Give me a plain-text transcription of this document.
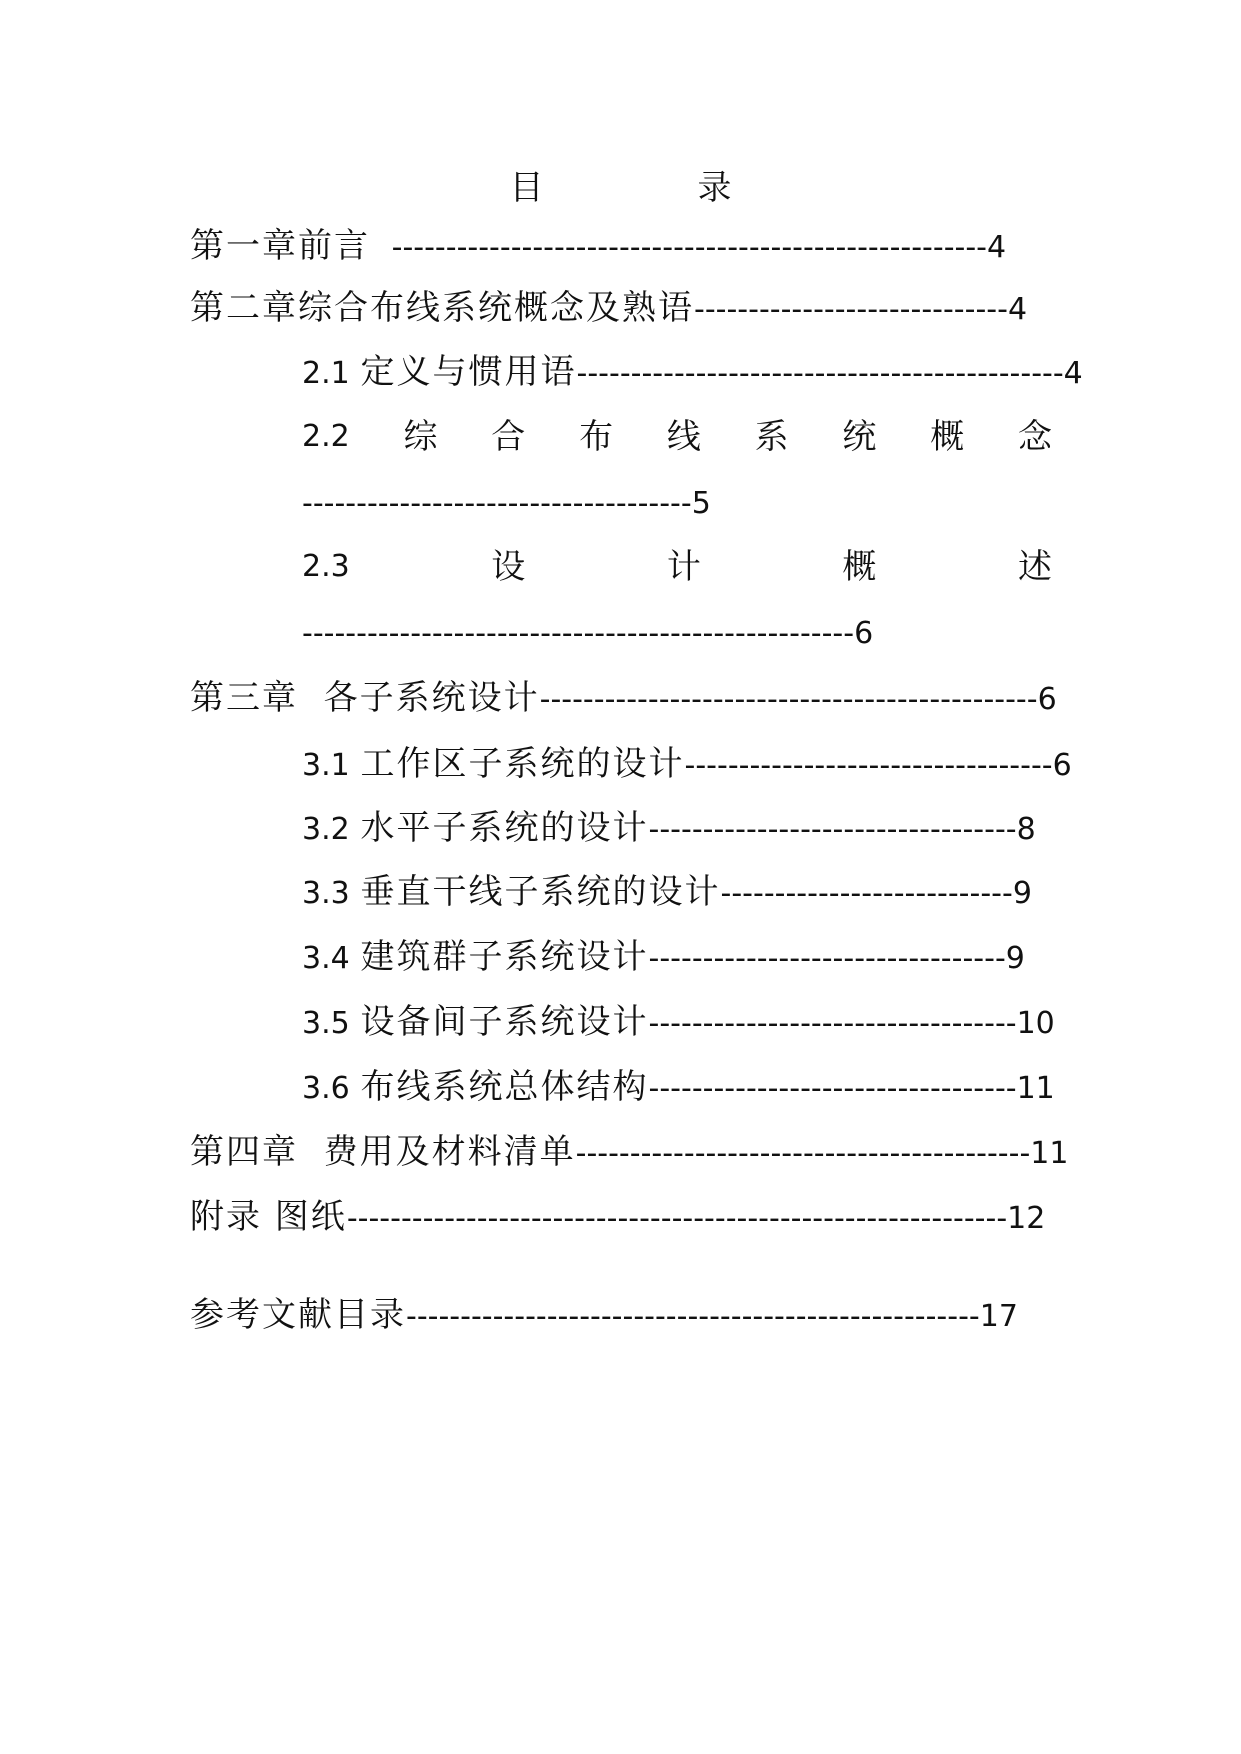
目　录
第一章前言 -------------------------------------------------------4
第二章综合布线系统概念及熟语-----------------------------4
2.1 定义与惯用语---------------------------------------------4
2.2 综 合 布 线 系 统 概 念
------------------------------------5
2.3	设	计	概	述
---------------------------------------------------6
第三章  各子系统设计----------------------------------------------6
3.1 工作区子系统的设计----------------------------------6
3.2 水平子系统的设计----------------------------------8
3.3 垂直干线子系统的设计---------------------------9
3.4 建筑群子系统设计---------------------------------9
3.5 设备间子系统设计----------------------------------10
3.6 布线系统总体结构----------------------------------11
第四章  费用及材料清单------------------------------------------11
附录 图纸-------------------------------------------------------------12
参考文献目录-----------------------------------------------------17
